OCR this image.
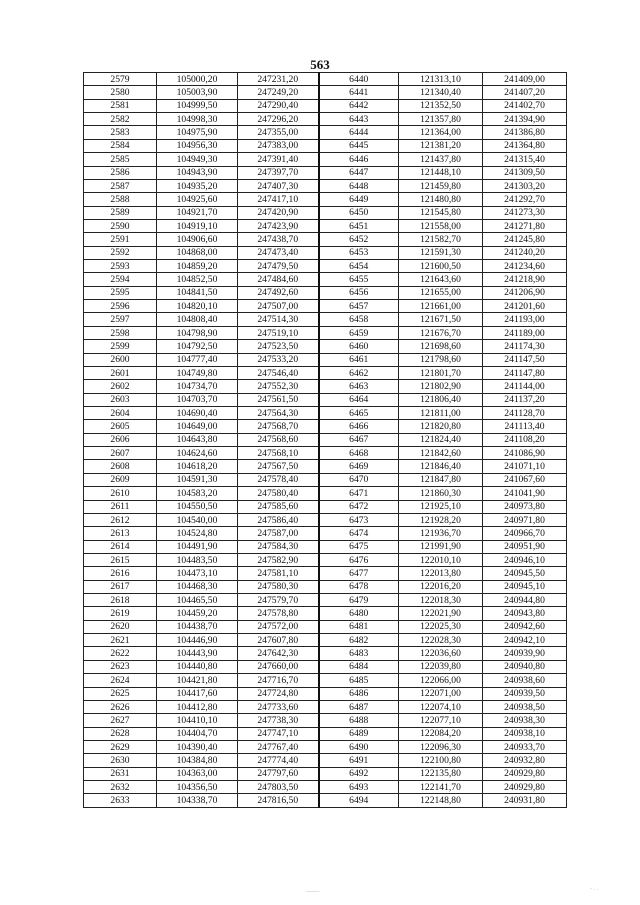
563
2579	105000,20	247231,20	6440	121313,10	241409,00
2580	105003,90	247249,20	6441	121340,40	241407,20
2581	104999,50	247290,40	6442	121352,50	241402,70
2582	104998,30	247296,20	6443	121357,80	241394,90
2583	104975,90	247355,00	6444	121364,00	241386,80
2584	104956,30	247383,00	6445	121381,20	241364,80
2585	104949,30	247391,40	6446	121437,80	241315,40
2586	104943,90	247397,70	6447	121448,10	241309,50
2587	104935,20	247407,30	6448	121459,80	241303,20
2588	104925,60	247417,10	6449	121480,80	241292,70
2589	104921,70	247420,90	6450	121545,80	241273,30
2590	104919,10	247423,90	6451	121558,00	241271,80
2591	104906,60	247438,70	6452	121582,70	241245,80
2592	104868,00	247473,40	6453	121591,30	241240,20
2593	104859,20	247479,50	6454	121600,50	241234,60
2594	104852,50	247484,60	6455	121643,60	241218,90
2595	104841,50	247492,60	6456	121655,00	241206,90
2596	104820,10	247507,00	6457	121661,00	241201,60
2597	104808,40	247514,30	6458	121671,50	241193,00
2598	104798,90	247519,10	6459	121676,70	241189,00
2599	104792,50	247523,50	6460	121698,60	241174,30
2600	104777,40	247533,20	6461	121798,60	241147,50
2601	104749,80	247546,40	6462	121801,70	241147,80
2602	104734,70	247552,30	6463	121802,90	241144,00
2603	104703,70	247561,50	6464	121806,40	241137,20
2604	104690,40	247564,30	6465	121811,00	241128,70
2605	104649,00	247568,70	6466	121820,80	241113,40
2606	104643,80	247568,60	6467	121824,40	241108,20
2607	104624,60	247568,10	6468	121842,60	241086,90
2608	104618,20	247567,50	6469	121846,40	241071,10
2609	104591,30	247578,40	6470	121847,80	241067,60
2610	104583,20	247580,40	6471	121860,30	241041,90
2611	104550,50	247585,60	6472	121925,10	240973,80
2612	104540,00	247586,40	6473	121928,20	240971,80
2613	104524,80	247587,00	6474	121936,70	240966,70
2614	104491,90	247584,30	6475	121991,90	240951,90
2615	104483,50	247582,90	6476	122010,10	240946,10
2616	104473,10	247581,10	6477	122013,80	240945,50
2617	104468,30	247580,30	6478	122016,20	240945,10
2618	104465,50	247579,70	6479	122018,30	240944,80
2619	104459,20	247578,80	6480	122021,90	240943,80
2620	104438,70	247572,00	6481	122025,30	240942,60
2621	104446,90	247607,80	6482	122028,30	240942,10
2622	104443,90	247642,30	6483	122036,60	240939,90
2623	104440,80	247660,00	6484	122039,80	240940,80
2624	104421,80	247716,70	6485	122066,00	240938,60
2625	104417,60	247724,80	6486	122071,00	240939,50
2626	104412,80	247733,60	6487	122074,10	240938,50
2627	104410,10	247738,30	6488	122077,10	240938,30
2628	104404,70	247747,10	6489	122084,20	240938,10
2629	104390,40	247767,40	6490	122096,30	240933,70
2630	104384,80	247774,40	6491	122100,80	240932,80
2631	104363,00	247797,60	6492	122135,80	240929,80
2632	104356,50	247803,50	6493	122141,70	240929,80
2633	104338,70	247816,50	6494	122148,80	240931,80
____	- . .
